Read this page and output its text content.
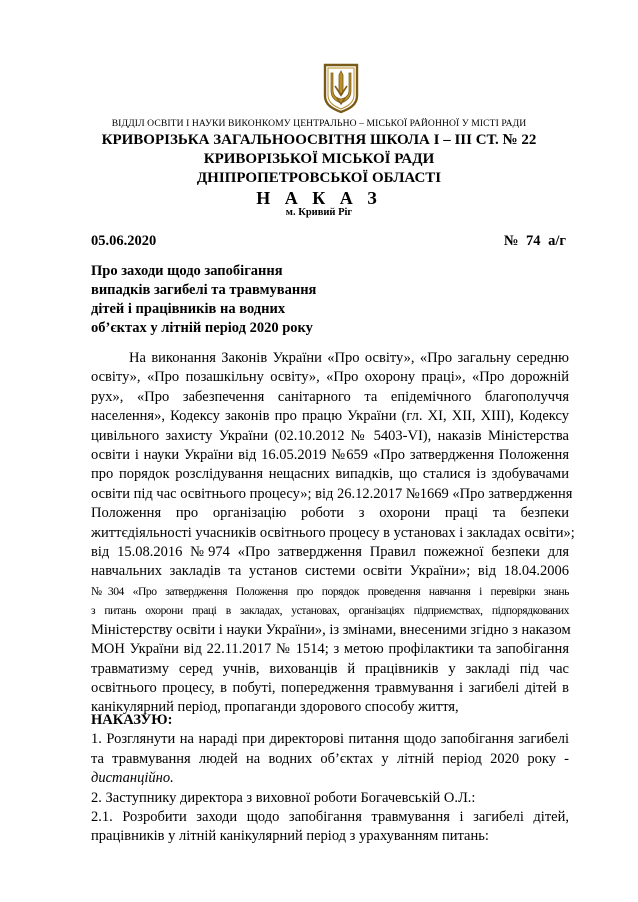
ВІДДІЛ ОСВІТИ І НАУКИ ВИКОНКОМУ ЦЕНТРАЛЬНО – МІСЬКОЇ РАЙОННОЇ У МІСТІ РАДИ
КРИВОРІЗЬКА ЗАГАЛЬНООСВІТНЯ ШКОЛА І – ІІІ СТ. № 22
КРИВОРІЗЬКОЇ МІСЬКОЇ РАДИ
ДНІПРОПЕТРОВСЬКОЇ ОБЛАСТІ
Н А К А З
м. Кривий Ріг
05.06.2020	№ 74 а/г
Про заходи щодо запобігання
випадків загибелі та травмування
дітей і працівників на водних
об’єктах у літній період 2020 року
На виконання Законів України «Про освіту», «Про загальну середню
освіту», «Про позашкільну освіту», «Про охорону праці», «Про дорожній
рух», «Про забезпечення санітарного та епідемічного благополуччя
населення», Кодексу законів про працю України (гл. XI, XII, XIII), Кодексу
цивільного захисту України (02.10.2012 № 5403-VI), наказів Міністерства
освіти і науки України від 16.05.2019 №659 «Про затвердження Положення
про порядок розслідування нещасних випадків, що сталися із здобувачами
освіти під час освітнього процесу»; від 26.12.2017 №1669 «Про затвердження
Положення про організацію роботи з охорони праці та безпеки
життєдіяльності учасників освітнього процесу в установах і закладах освіти»;
від 15.08.2016 №974 «Про затвердження Правил пожежної безпеки для
навчальних закладів та установ системи освіти України»; від 18.04.2006
№304 «Про затвердження Положення про порядок проведення навчання і перевірки знань
з питань охорони праці в закладах, установах, організаціях підприємствах, підпорядкованих
Міністерству освіти і науки України», із змінами, внесеними згідно з наказом
МОН України від 22.11.2017 № 1514; з метою профілактики та запобігання
травматизму серед учнів, вихованців й працівників у закладі під час
освітнього процесу, в побуті, попередження травмування і загибелі дітей в
канікулярний період, пропаганди здорового способу життя,
НАКАЗУЮ:
1. Розглянути на нараді при директорові питання щодо запобігання загибелі
та травмування людей на водних об’єктах у літній період 2020 року -
дистанційно.
2. Заступнику директора з виховної роботи Богачевській О.Л.:
2.1. Розробити заходи щодо запобігання травмування і загибелі дітей,
працівників у літній канікулярний період з урахуванням питань:
